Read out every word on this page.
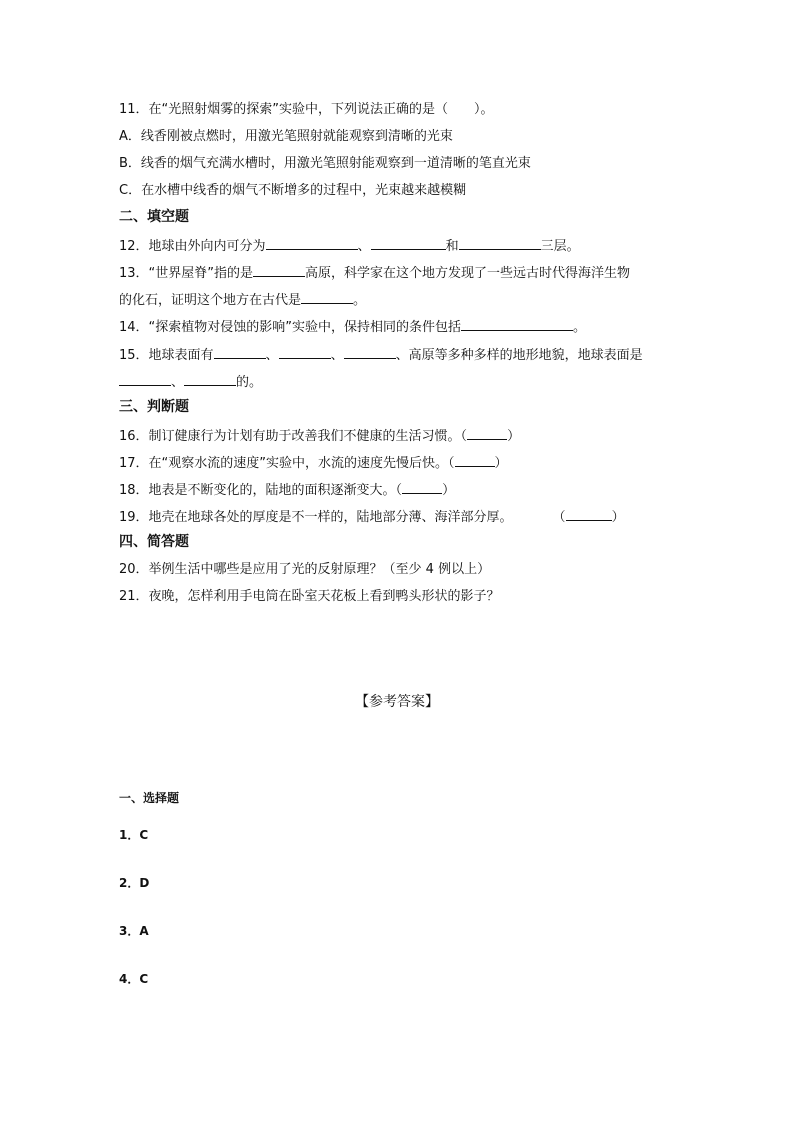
11．在“光照射烟雾的探索”实验中，下列说法正确的是（　　）。
A．线香刚被点燃时，用激光笔照射就能观察到清晰的光束
B．线香的烟气充满水槽时，用激光笔照射能观察到一道清晰的笔直光束
C．在水槽中线香的烟气不断增多的过程中，光束越来越模糊
二、填空题
12．地球由外向内可分为	、	和	三层。
13．“世界屋脊”指的是	高原，科学家在这个地方发现了一些远古时代得海洋生物
的化石，证明这个地方在古代是	。
14．“探索植物对侵蚀的影响”实验中，保持相同的条件包括	。
15．地球表面有	、	、	、高原等多种多样的地形地貌，地球表面是
、	的。
三、判断题
16．制订健康行为计划有助于改善我们不健康的生活习惯。（	）
17．在“观察水流的速度”实验中，水流的速度先慢后快。（	）
18．地表是不断变化的，陆地的面积逐渐变大。（	）
19．地壳在地球各处的厚度是不一样的，陆地部分薄、海洋部分厚。	（	）
四、简答题
20．举例生活中哪些是应用了光的反射原理？（至少 4 例以上）
21．夜晚，怎样利用手电筒在卧室天花板上看到鸭头形状的影子？
【参考答案】
一、选择题
1．C
2．D
3．A
4．C
